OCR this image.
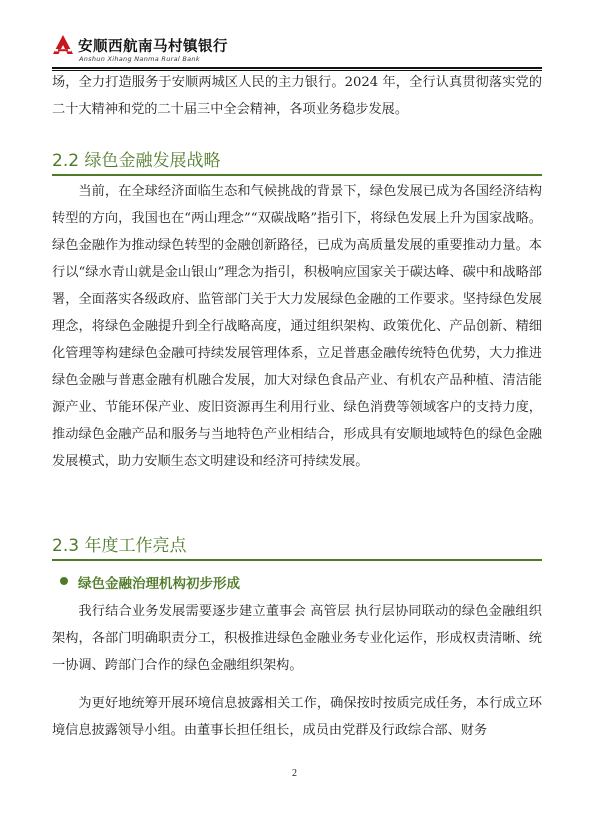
安顺西航南马村镇银行
Anshun Xihang Nanma Rural Bank

场，全力打造服务于安顺两城区人民的主力银行。2024 年，全行认真贯彻落实党的二十大精神和党的二十届三中全会精神，各项业务稳步发展。

2.2 绿色金融发展战略

当前，在全球经济面临生态和气候挑战的背景下，绿色发展已成为各国经济结构转型的方向，我国也在“两山理念”“双碳战略”指引下，将绿色发展上升为国家战略。绿色金融作为推动绿色转型的金融创新路径，已成为高质量发展的重要推动力量。本行以“绿水青山就是金山银山”理念为指引，积极响应国家关于碳达峰、碳中和战略部署，全面落实各级政府、监管部门关于大力发展绿色金融的工作要求。坚持绿色发展理念，将绿色金融提升到全行战略高度，通过组织架构、政策优化、产品创新、精细化管理等构建绿色金融可持续发展管理体系，立足普惠金融传统特色优势，大力推进绿色金融与普惠金融有机融合发展，加大对绿色食品产业、有机农产品种植、清洁能源产业、节能环保产业、废旧资源再生利用行业、绿色消费等领域客户的支持力度，推动绿色金融产品和服务与当地特色产业相结合，形成具有安顺地域特色的绿色金融发展模式，助力安顺生态文明建设和经济可持续发展。

2.3 年度工作亮点
绿色金融治理机构初步形成

我行结合业务发展需要逐步建立董事会 高管层 执行层协同联动的绿色金融组织架构，各部门明确职责分工，积极推进绿色金融业务专业化运作，形成权责清晰、统一协调、跨部门合作的绿色金融组织架构。

为更好地统筹开展环境信息披露相关工作，确保按时按质完成任务，本行成立环境信息披露领导小组。由董事长担任组长，成员由党群及行政综合部、财务

2
